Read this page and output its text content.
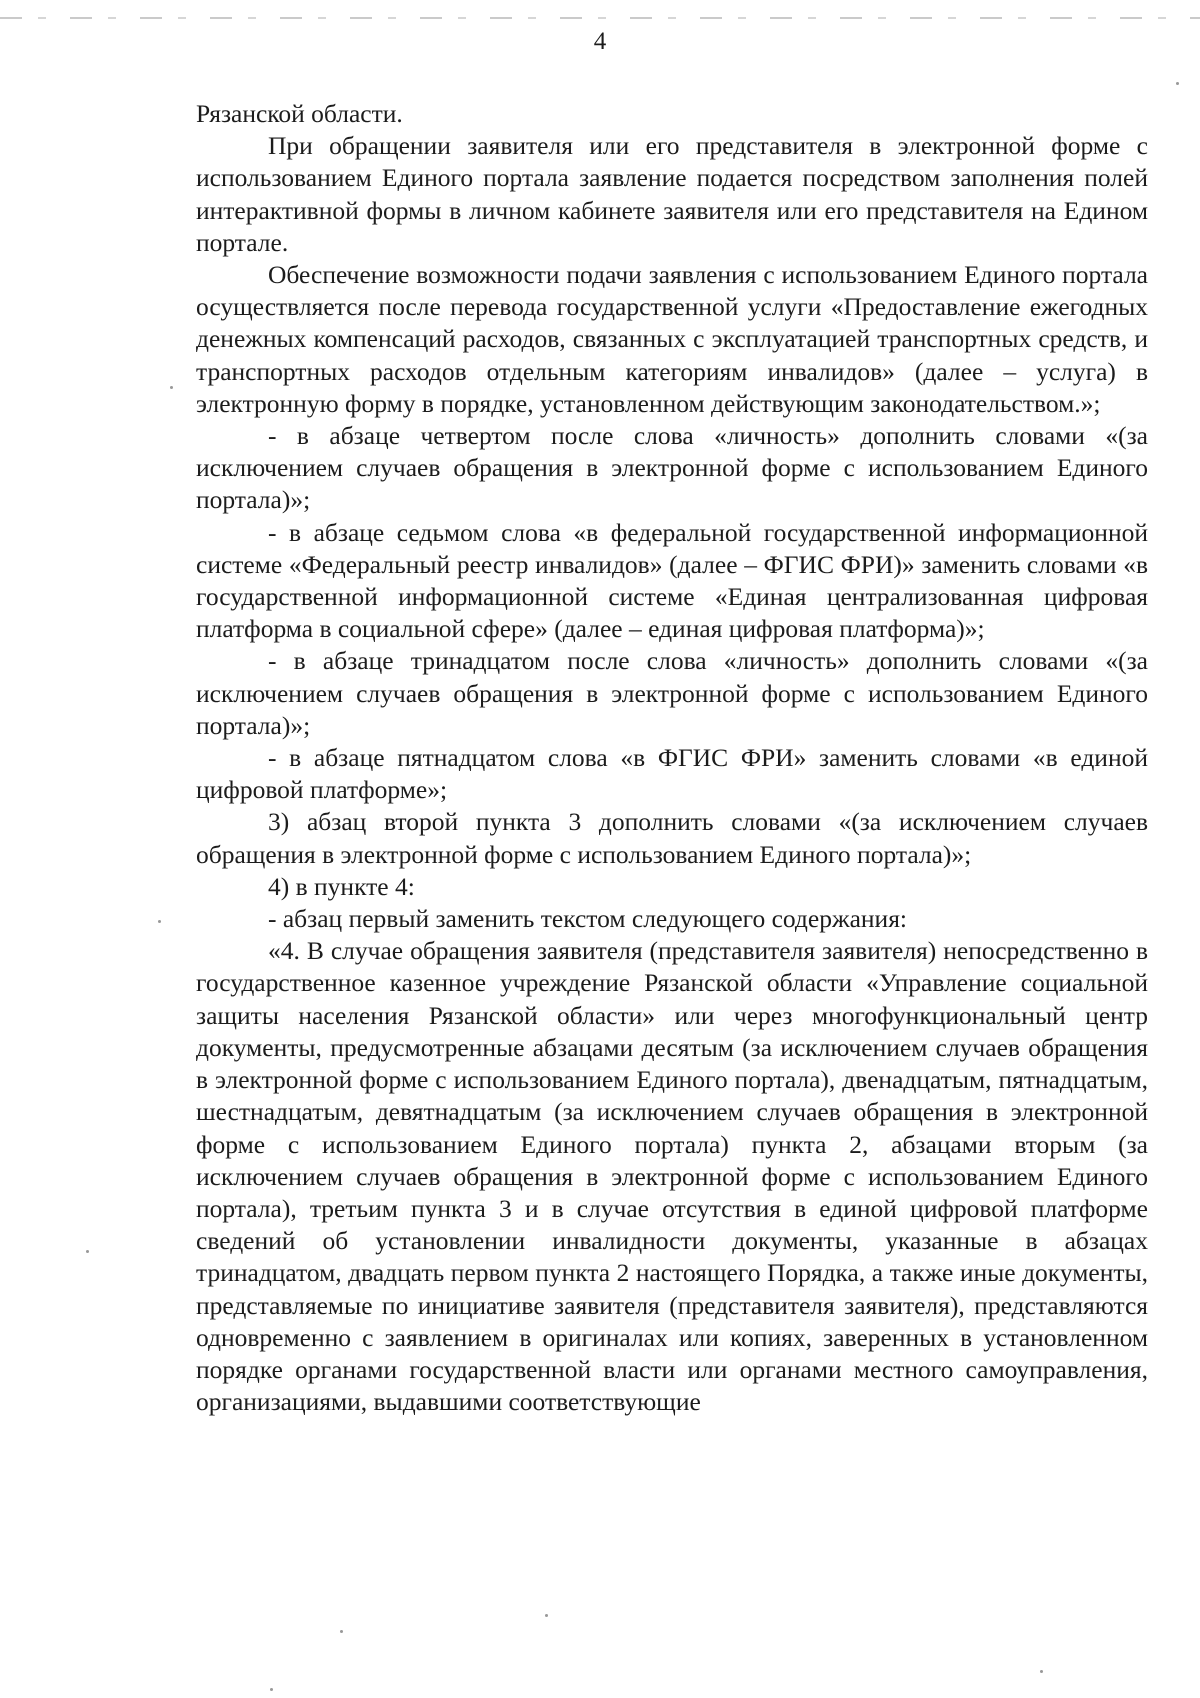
4

Рязанской области.

При обращении заявителя или его представителя в электронной форме с использованием Единого портала заявление подается посредством заполнения полей интерактивной формы в личном кабинете заявителя или его представителя на Едином портале.

Обеспечение возможности подачи заявления с использованием Единого портала осуществляется после перевода государственной услуги «Предоставление ежегодных денежных компенсаций расходов, связанных с эксплуатацией транспортных средств, и транспортных расходов отдельным категориям инвалидов» (далее – услуга) в электронную форму в порядке, установленном действующим законодательством.»;

- в абзаце четвертом после слова «личность» дополнить словами «(за исключением случаев обращения в электронной форме с использованием Единого портала)»;

- в абзаце седьмом слова «в федеральной государственной информационной системе «Федеральный реестр инвалидов» (далее – ФГИС ФРИ)» заменить словами «в государственной информационной системе «Единая централизованная цифровая платформа в социальной сфере» (далее – единая цифровая платформа)»;

- в абзаце тринадцатом после слова «личность» дополнить словами «(за исключением случаев обращения в электронной форме с использованием Единого портала)»;

- в абзаце пятнадцатом слова «в ФГИС ФРИ» заменить словами «в единой цифровой платформе»;

3) абзац второй пункта 3 дополнить словами «(за исключением случаев обращения в электронной форме с использованием Единого портала)»;

4) в пункте 4:

- абзац первый заменить текстом следующего содержания:

«4. В случае обращения заявителя (представителя заявителя) непосредственно в государственное казенное учреждение Рязанской области «Управление социальной защиты населения Рязанской области» или через многофункциональный центр документы, предусмотренные абзацами десятым (за исключением случаев обращения в электронной форме с использованием Единого портала), двенадцатым, пятнадцатым, шестнадцатым, девятнадцатым (за исключением случаев обращения в электронной форме с использованием Единого портала) пункта 2, абзацами вторым (за исключением случаев обращения в электронной форме с использованием Единого портала), третьим пункта 3 и в случае отсутствия в единой цифровой платформе сведений об установлении инвалидности документы, указанные в абзацах тринадцатом, двадцать первом пункта 2 настоящего Порядка, а также иные документы, представляемые по инициативе заявителя (представителя заявителя), представляются одновременно с заявлением в оригиналах или копиях, заверенных в установленном порядке органами государственной власти или органами местного самоуправления, организациями, выдавшими соответствующие
